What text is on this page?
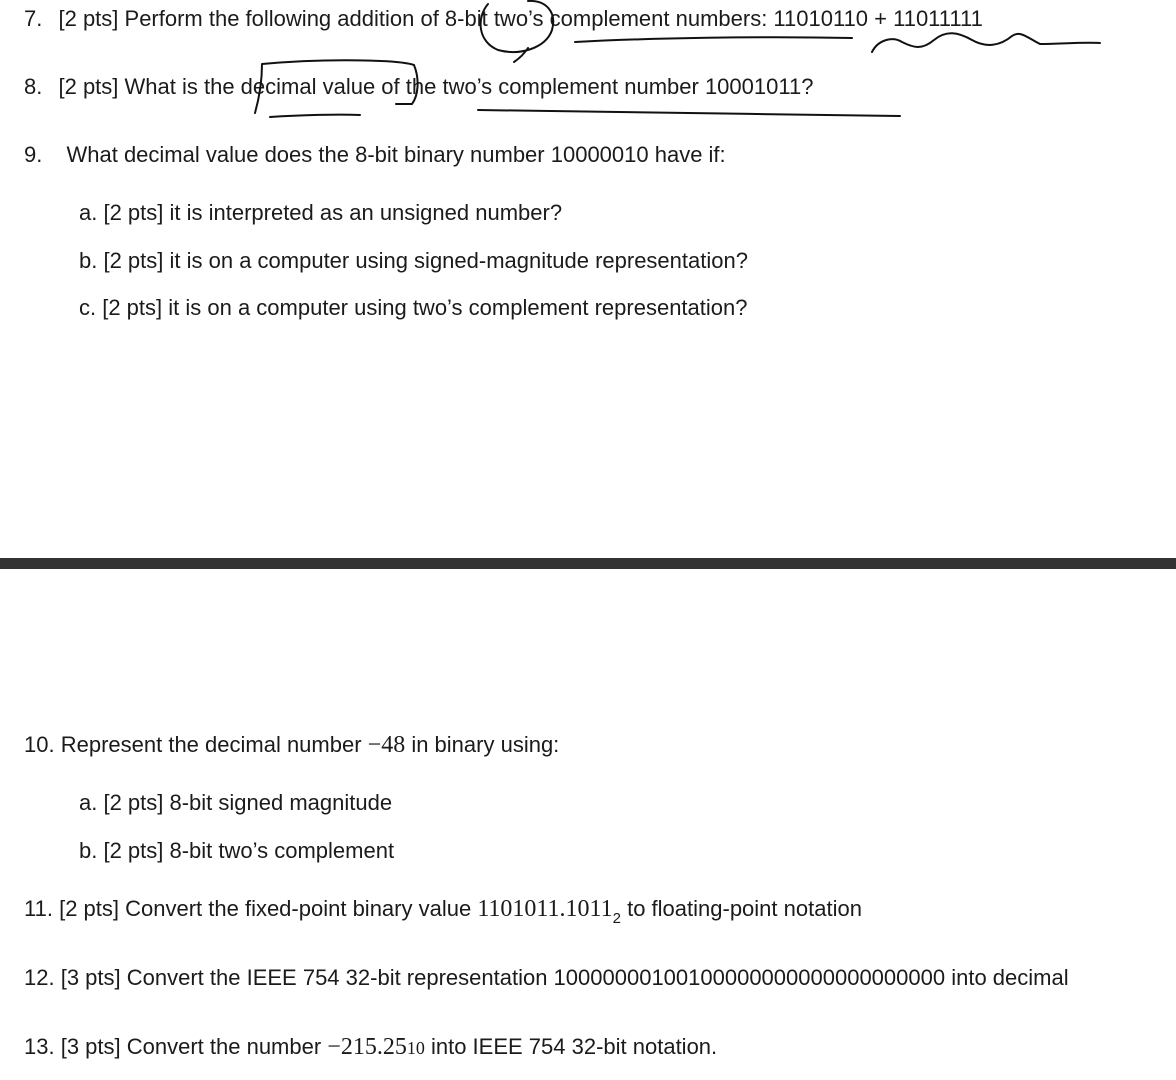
7. [2 pts] Perform the following addition of 8-bit two’s complement numbers: 11010110 + 11011111
8. [2 pts] What is the decimal value of the two’s complement number 10001011?
9. What decimal value does the 8-bit binary number 10000010 have if:
a. [2 pts] it is interpreted as an unsigned number?
b. [2 pts] it is on a computer using signed-magnitude representation?
c. [2 pts] it is on a computer using two’s complement representation?
10. Represent the decimal number −48 in binary using:
a. [2 pts] 8-bit signed magnitude
b. [2 pts] 8-bit two’s complement
11. [2 pts] Convert the fixed-point binary value $1101011.1011_2$ to floating-point notation
12. [3 pts] Convert the IEEE 754 32-bit representation 10000000100100000000000000000000 into decimal
13. [3 pts] Convert the number −215.2510 into IEEE 754 32-bit notation.
